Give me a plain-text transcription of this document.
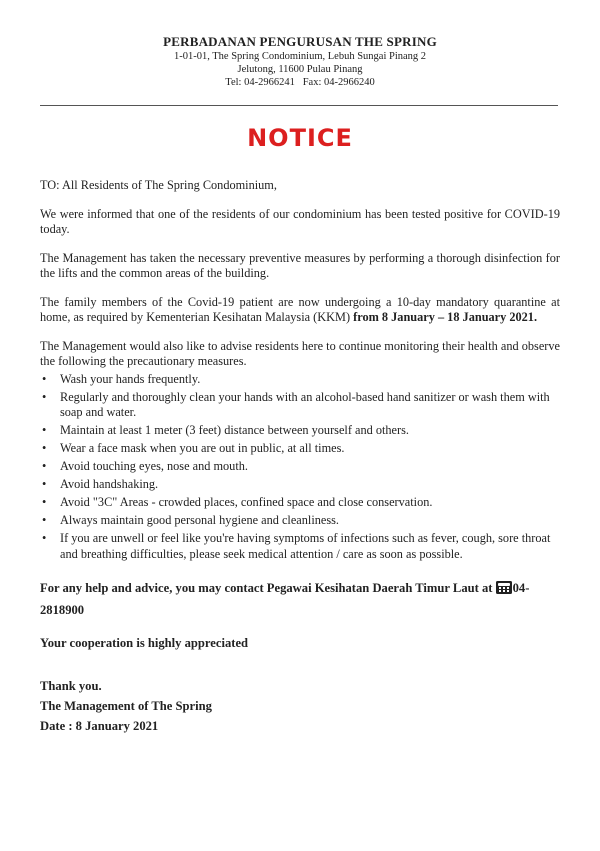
PERBADANAN PENGURUSAN THE SPRING
1-01-01, The Spring Condominium, Lebuh Sungai Pinang 2
Jelutong, 11600 Pulau Pinang
Tel: 04-2966241   Fax: 04-2966240
NOTICE

TO: All Residents of The Spring Condominium,

We were informed that one of the residents of our condominium has been tested positive for COVID-19 today.

The Management has taken the necessary preventive measures by performing a thorough disinfection for the lifts and the common areas of the building.

The family members of the Covid-19 patient are now undergoing a 10-day mandatory quarantine at home, as required by Kementerian Kesihatan Malaysia (KKM) from 8 January – 18 January 2021.

The Management would also like to advise residents here to continue monitoring their health and observe the following the precautionary measures.

• Wash your hands frequently.
• Regularly and thoroughly clean your hands with an alcohol-based hand sanitizer or wash them with soap and water.
• Maintain at least 1 meter (3 feet) distance between yourself and others.
• Wear a face mask when you are out in public, at all times.
• Avoid touching eyes, nose and mouth.
• Avoid handshaking.
• Avoid "3C" Areas - crowded places, confined space and close conservation.
• Always maintain good personal hygiene and cleanliness.
• If you are unwell or feel like you're having symptoms of infections such as fever, cough, sore throat and breathing difficulties, please seek medical attention / care as soon as possible.
For any help and advice, you may contact Pegawai Kesihatan Daerah Timur Laut at 04-2818900
Your cooperation is highly appreciated
Thank you.
The Management of The Spring
Date : 8 January 2021
